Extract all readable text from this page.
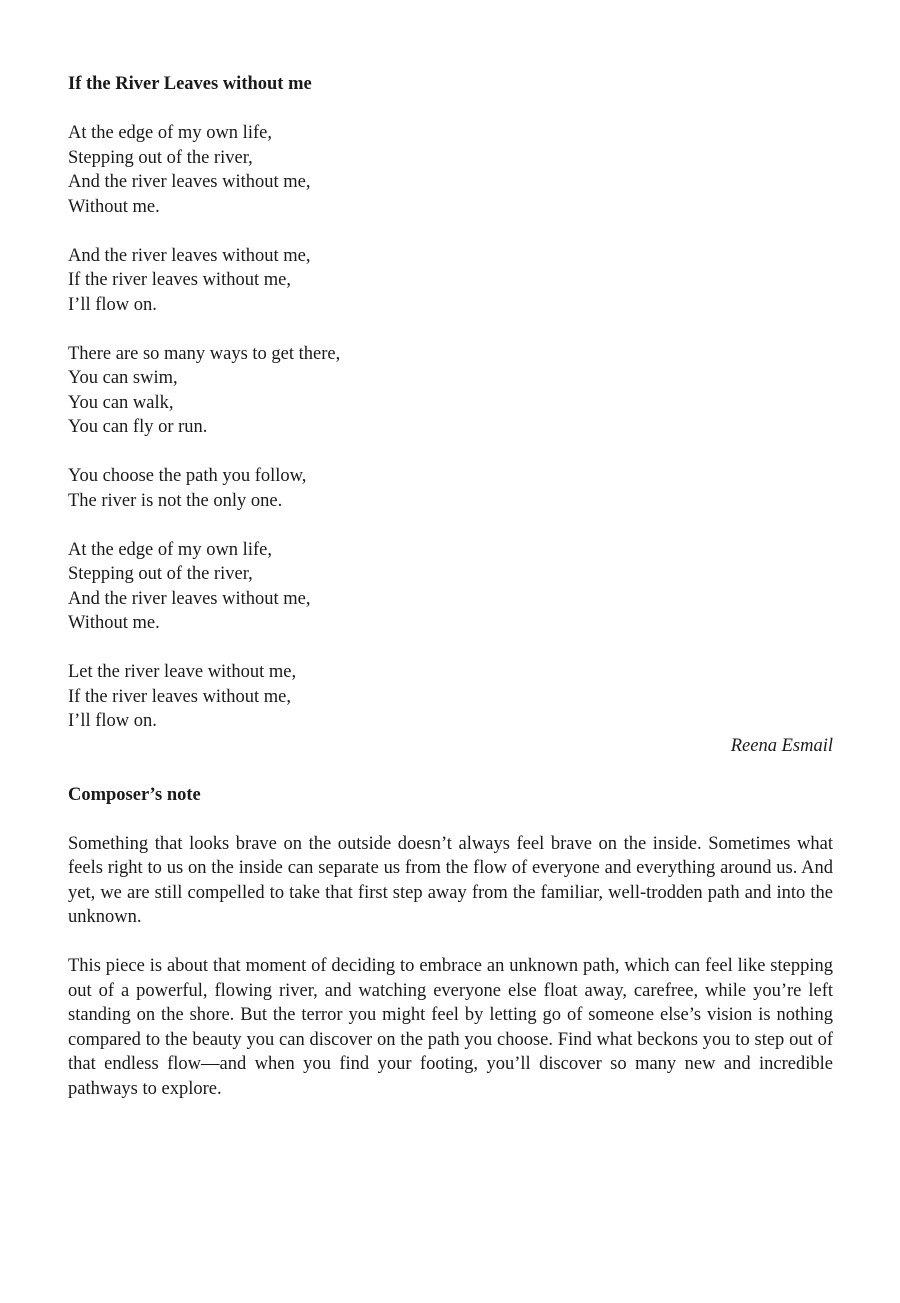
If the River Leaves without me
At the edge of my own life,
Stepping out of the river,
And the river leaves without me,
Without me.
And the river leaves without me,
If the river leaves without me,
I’ll flow on.
There are so many ways to get there,
You can swim,
You can walk,
You can fly or run.
You choose the path you follow,
The river is not the only one.
At the edge of my own life,
Stepping out of the river,
And the river leaves without me,
Without me.
Let the river leave without me,
If the river leaves without me,
I’ll flow on.
Reena Esmail
Composer’s note

Something that looks brave on the outside doesn’t always feel brave on the inside. Sometimes what feels right to us on the inside can separate us from the flow of everyone and everything around us. And yet, we are still compelled to take that first step away from the familiar, well-trodden path and into the unknown.

This piece is about that moment of deciding to embrace an unknown path, which can feel like stepping out of a powerful, flowing river, and watching everyone else float away, carefree, while you’re left standing on the shore. But the terror you might feel by letting go of someone else’s vision is nothing compared to the beauty you can discover on the path you choose. Find what beckons you to step out of that endless flow—and when you find your footing, you’ll discover so many new and incredible pathways to explore.
